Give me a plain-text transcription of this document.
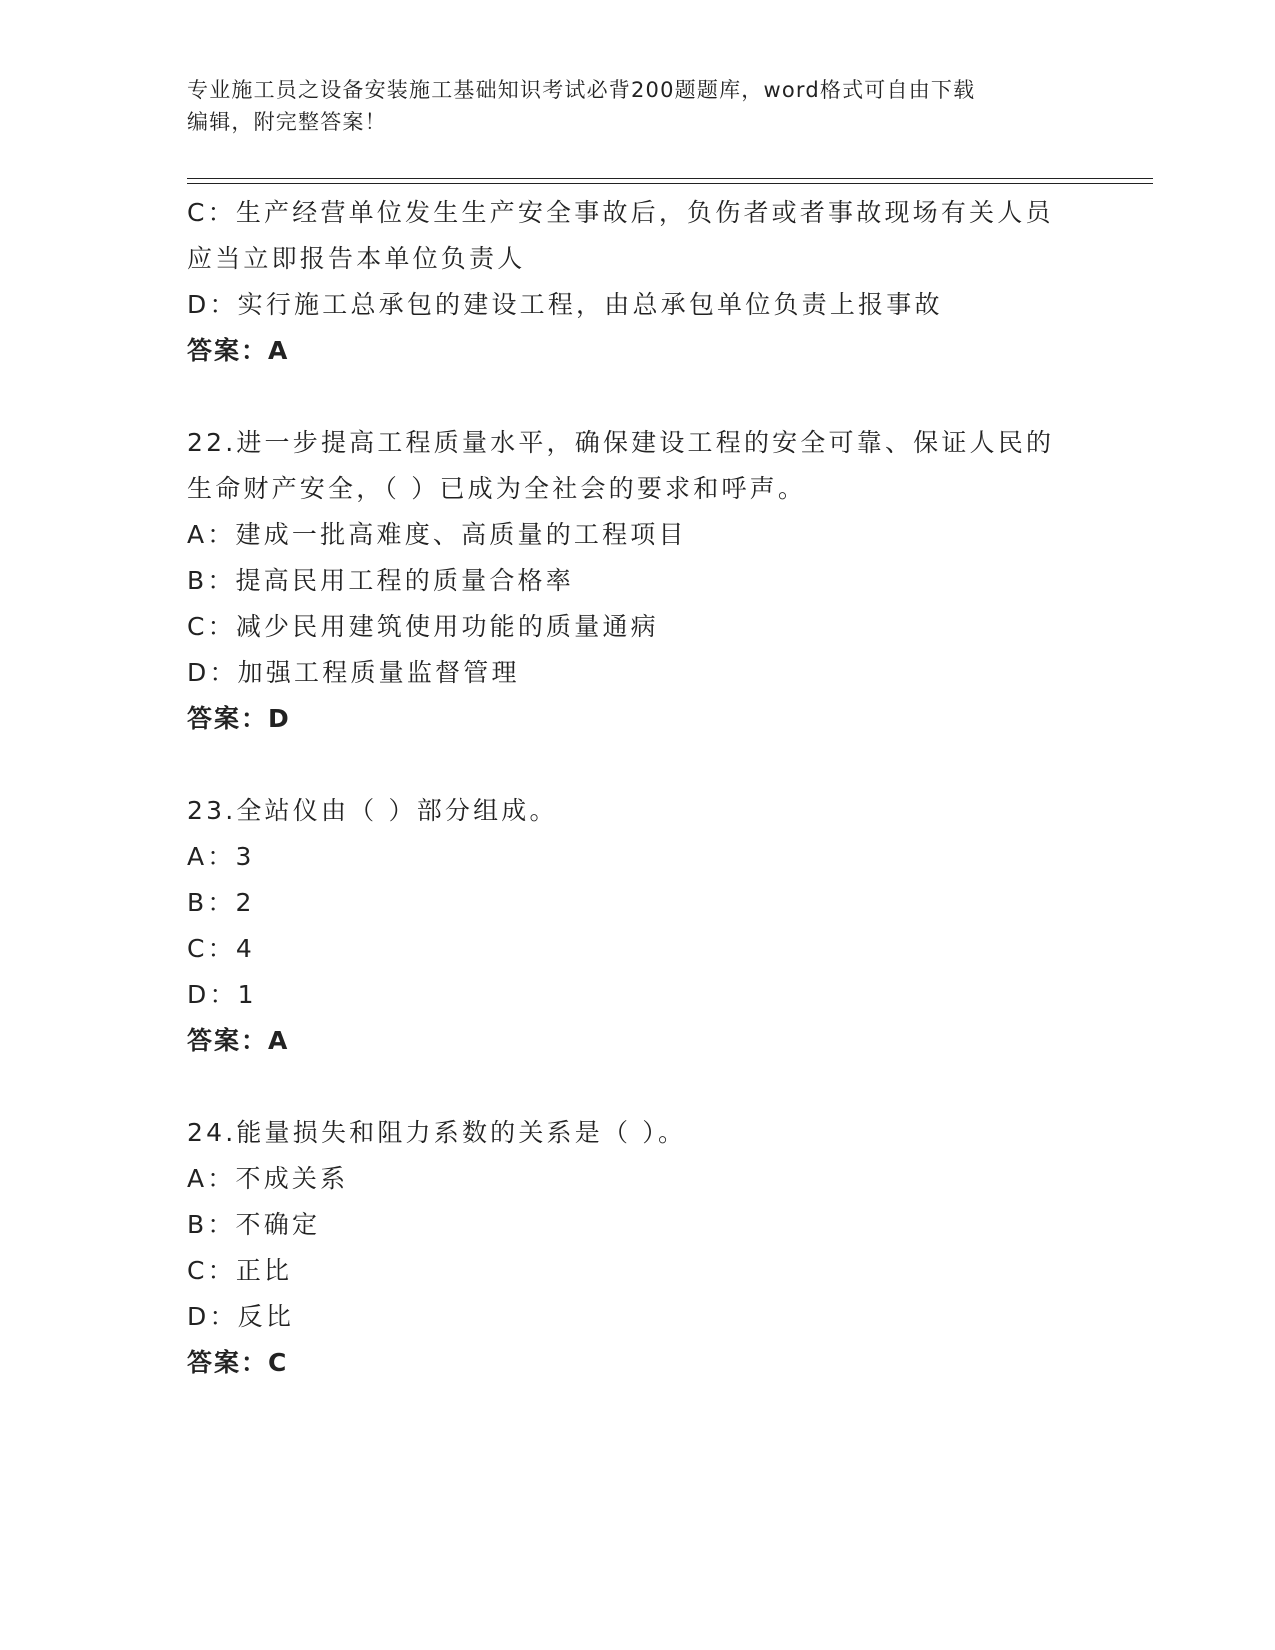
专业施工员之设备安装施工基础知识考试必背200题题库，word格式可自由下载
编辑，附完整答案！
C：生产经营单位发生生产安全事故后，负伤者或者事故现场有关人员
应当立即报告本单位负责人
D：实行施工总承包的建设工程，由总承包单位负责上报事故
答案：A
22.进一步提高工程质量水平，确保建设工程的安全可靠、保证人民的
生命财产安全，（ ）已成为全社会的要求和呼声。
A：建成一批高难度、高质量的工程项目
B：提高民用工程的质量合格率
C：减少民用建筑使用功能的质量通病
D：加强工程质量监督管理
答案：D
23.全站仪由（ ）部分组成。
A：3
B：2
C：4
D：1
答案：A
24.能量损失和阻力系数的关系是（ ）。
A：不成关系
B：不确定
C：正比
D：反比
答案：C
